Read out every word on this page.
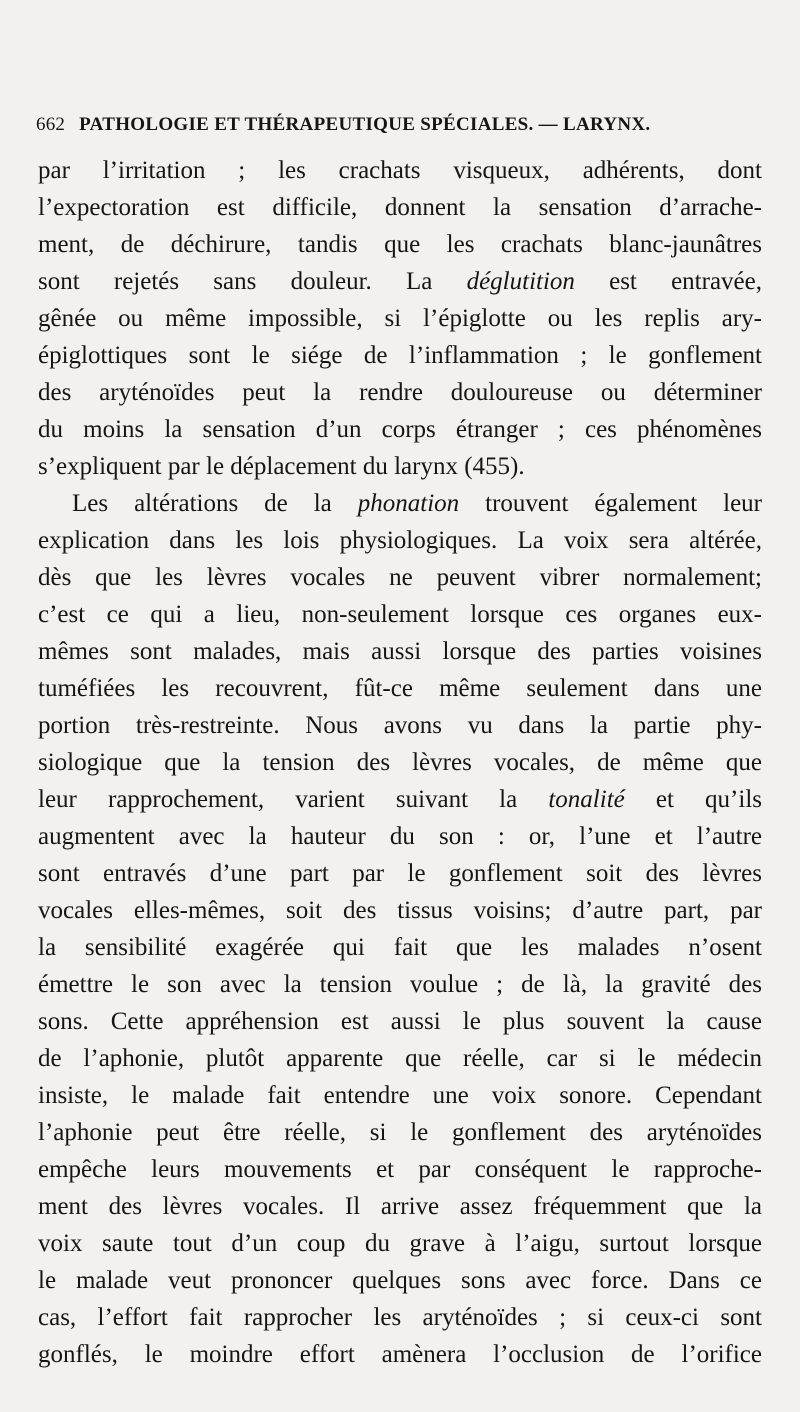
662 PATHOLOGIE ET THÉRAPEUTIQUE SPÉCIALES. — LARYNX.
par l’irritation ; les crachats visqueux, adhérents, dont
l’expectoration est difficile, donnent la sensation d’arrache-
ment, de déchirure, tandis que les crachats blanc-jaunâtres
sont rejetés sans douleur. La déglutition est entravée,
gênée ou même impossible, si l’épiglotte ou les replis ary-
épiglottiques sont le siége de l’inflammation ; le gonflement
des aryténoïdes peut la rendre douloureuse ou déterminer
du moins la sensation d’un corps étranger ; ces phénomènes
s’expliquent par le déplacement du larynx (455).
Les altérations de la phonation trouvent également leur
explication dans les lois physiologiques. La voix sera altérée,
dès que les lèvres vocales ne peuvent vibrer normalement;
c’est ce qui a lieu, non-seulement lorsque ces organes eux-
mêmes sont malades, mais aussi lorsque des parties voisines
tuméfiées les recouvrent, fût-ce même seulement dans une
portion très-restreinte. Nous avons vu dans la partie phy-
siologique que la tension des lèvres vocales, de même que
leur rapprochement, varient suivant la tonalité et qu’ils
augmentent avec la hauteur du son : or, l’une et l’autre
sont entravés d’une part par le gonflement soit des lèvres
vocales elles-mêmes, soit des tissus voisins; d’autre part, par
la sensibilité exagérée qui fait que les malades n’osent
émettre le son avec la tension voulue ; de là, la gravité des
sons. Cette appréhension est aussi le plus souvent la cause
de l’aphonie, plutôt apparente que réelle, car si le médecin
insiste, le malade fait entendre une voix sonore. Cependant
l’aphonie peut être réelle, si le gonflement des aryténoïdes
empêche leurs mouvements et par conséquent le rapproche-
ment des lèvres vocales. Il arrive assez fréquemment que la
voix saute tout d’un coup du grave à l’aigu, surtout lorsque
le malade veut prononcer quelques sons avec force. Dans ce
cas, l’effort fait rapprocher les aryténoïdes ; si ceux-ci sont
gonflés, le moindre effort amènera l’occlusion de l’orifice
